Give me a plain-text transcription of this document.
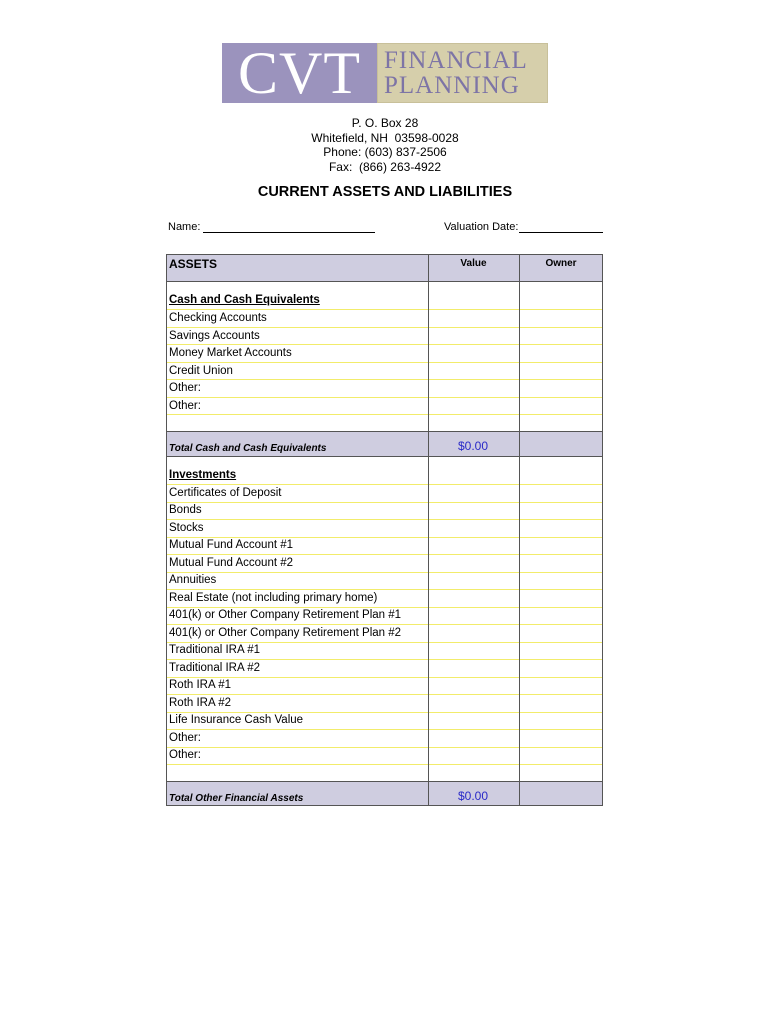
CVT FINANCIAL
PLANNING
P. O. Box 28
Whitefield, NH  03598-0028
Phone: (603) 837-2506
Fax:  (866) 263-4922
CURRENT ASSETS AND LIABILITIES
Name:	Valuation Date:
ASSETS	Value	Owner
Cash and Cash Equivalents
Checking Accounts
Savings Accounts
Money Market Accounts
Credit Union
Other:
Other:
Total Cash and Cash Equivalents	$0.00
Investments
Certificates of Deposit
Bonds
Stocks
Mutual Fund Account #1
Mutual Fund Account #2
Annuities
Real Estate (not including primary home)
401(k) or Other Company Retirement Plan #1
401(k) or Other Company Retirement Plan #2
Traditional IRA #1
Traditional IRA #2
Roth IRA #1
Roth IRA #2
Life Insurance Cash Value
Other:
Other:
Total Other Financial Assets	$0.00
